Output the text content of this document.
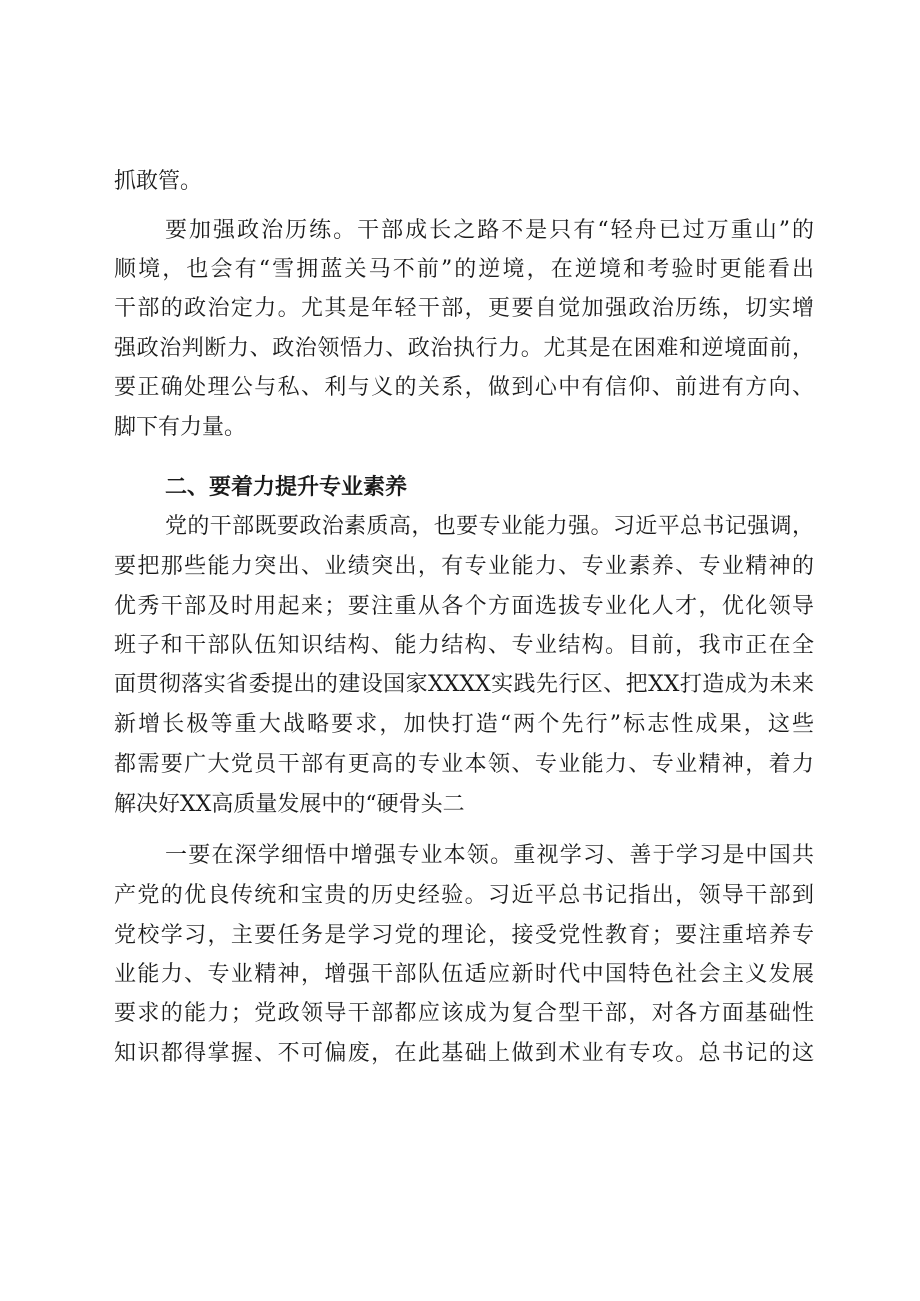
抓敢管。
要加强政治历练。干部成长之路不是只有“轻舟已过万重山”的
顺境，也会有“雪拥蓝关马不前”的逆境，在逆境和考验时更能看出
干部的政治定力。尤其是年轻干部，更要自觉加强政治历练，切实增
强政治判断力、政治领悟力、政治执行力。尤其是在困难和逆境面前，
要正确处理公与私、利与义的关系，做到心中有信仰、前进有方向、
脚下有力量。
二、要着力提升专业素养
党的干部既要政治素质高，也要专业能力强。习近平总书记强调，
要把那些能力突出、业绩突出，有专业能力、专业素养、专业精神的
优秀干部及时用起来；要注重从各个方面选拔专业化人才，优化领导
班子和干部队伍知识结构、能力结构、专业结构。目前，我市正在全
面贯彻落实省委提出的建设国家XXXX实践先行区、把XX打造成为未来
新增长极等重大战略要求，加快打造“两个先行”标志性成果，这些
都需要广大党员干部有更高的专业本领、专业能力、专业精神，着力
解决好XX高质量发展中的“硬骨头二
一要在深学细悟中增强专业本领。重视学习、善于学习是中国共
产党的优良传统和宝贵的历史经验。习近平总书记指出，领导干部到
党校学习，主要任务是学习党的理论，接受党性教育；要注重培养专
业能力、专业精神，增强干部队伍适应新时代中国特色社会主义发展
要求的能力；党政领导干部都应该成为复合型干部，对各方面基础性
知识都得掌握、不可偏废，在此基础上做到术业有专攻。总书记的这
